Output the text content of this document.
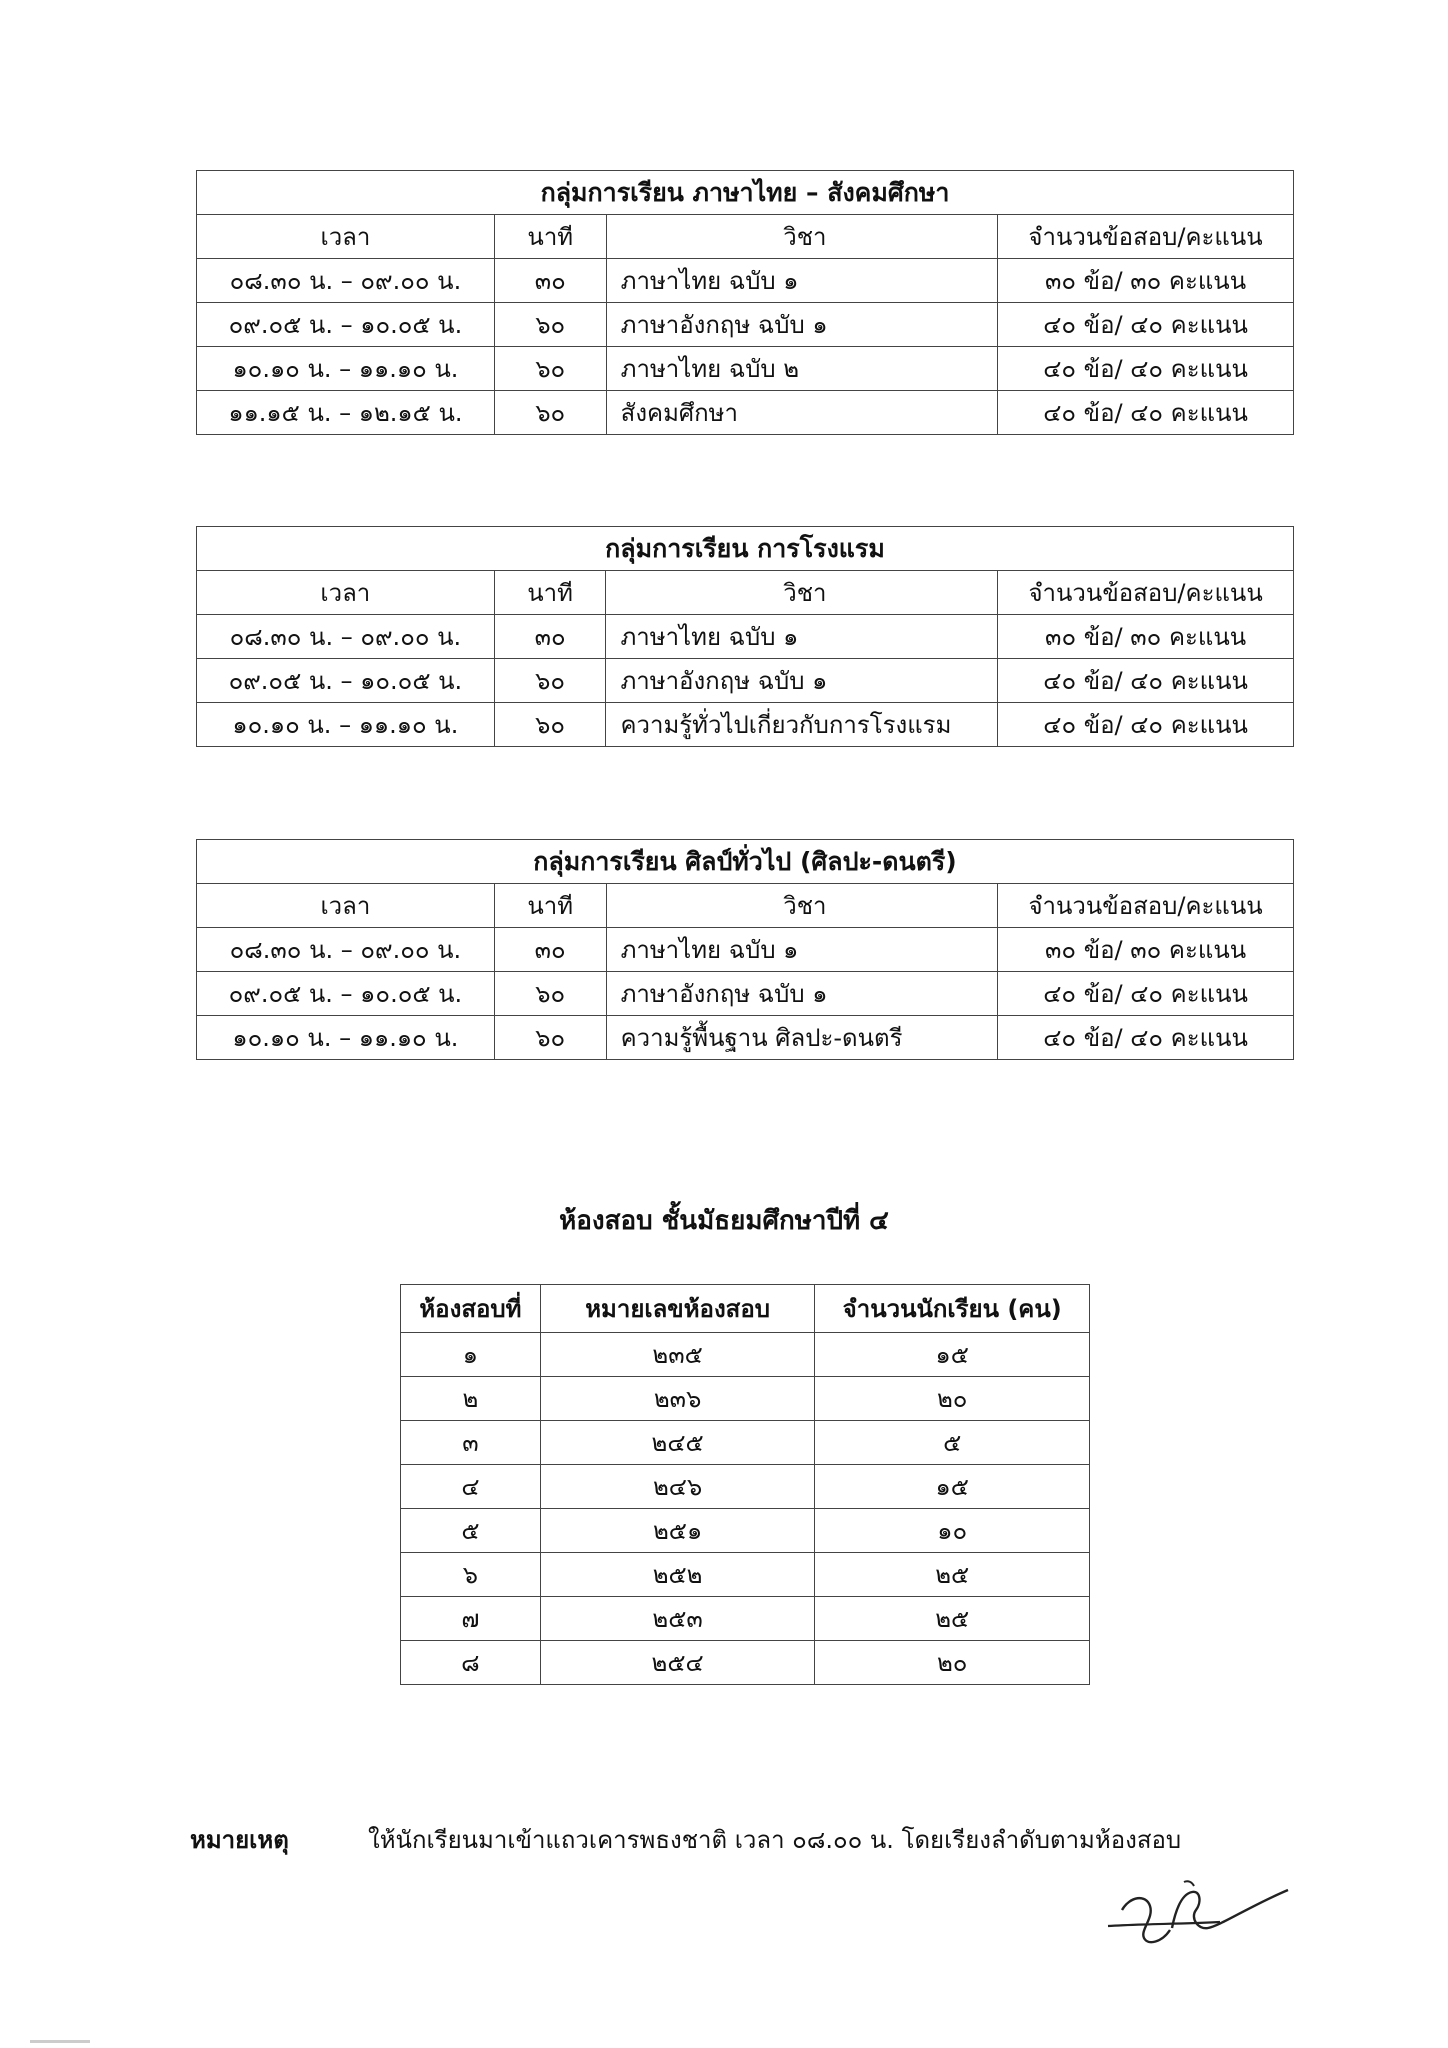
กลุ่มการเรียน ภาษาไทย – สังคมศึกษา			
เวลา	นาที	วิชา	จำนวนข้อสอบ/คะแนน
๐๘.๓๐ น. – ๐๙.๐๐ น.	๓๐	ภาษาไทย ฉบับ ๑	๓๐ ข้อ/ ๓๐ คะแนน
๐๙.๐๕ น. – ๑๐.๐๕ น.	๖๐	ภาษาอังกฤษ ฉบับ ๑	๔๐ ข้อ/ ๔๐ คะแนน
๑๐.๑๐ น. – ๑๑.๑๐ น.	๖๐	ภาษาไทย ฉบับ ๒	๔๐ ข้อ/ ๔๐ คะแนน
๑๑.๑๕ น. – ๑๒.๑๕ น.	๖๐	สังคมศึกษา	๔๐ ข้อ/ ๔๐ คะแนน
กลุ่มการเรียน การโรงแรม			
เวลา	นาที	วิชา	จำนวนข้อสอบ/คะแนน
๐๘.๓๐ น. – ๐๙.๐๐ น.	๓๐	ภาษาไทย ฉบับ ๑	๓๐ ข้อ/ ๓๐ คะแนน
๐๙.๐๕ น. – ๑๐.๐๕ น.	๖๐	ภาษาอังกฤษ ฉบับ ๑	๔๐ ข้อ/ ๔๐ คะแนน
๑๐.๑๐ น. – ๑๑.๑๐ น.	๖๐	ความรู้ทั่วไปเกี่ยวกับการโรงแรม	๔๐ ข้อ/ ๔๐ คะแนน
กลุ่มการเรียน ศิลป์ทั่วไป (ศิลปะ-ดนตรี)			
เวลา	นาที	วิชา	จำนวนข้อสอบ/คะแนน
๐๘.๓๐ น. – ๐๙.๐๐ น.	๓๐	ภาษาไทย ฉบับ ๑	๓๐ ข้อ/ ๓๐ คะแนน
๐๙.๐๕ น. – ๑๐.๐๕ น.	๖๐	ภาษาอังกฤษ ฉบับ ๑	๔๐ ข้อ/ ๔๐ คะแนน
๑๐.๑๐ น. – ๑๑.๑๐ น.	๖๐	ความรู้พื้นฐาน ศิลปะ-ดนตรี	๔๐ ข้อ/ ๔๐ คะแนน
ห้องสอบ ชั้นมัธยมศึกษาปีที่ ๔
ห้องสอบที่	หมายเลขห้องสอบ	จำนวนนักเรียน (คน)
๑	๒๓๕	๑๕
๒	๒๓๖	๒๐
๓	๒๔๕	๕
๔	๒๔๖	๑๕
๕	๒๕๑	๑๐
๖	๒๕๒	๒๕
๗	๒๕๓	๒๕
๘	๒๕๔	๒๐
หมายเหตุ	ให้นักเรียนมาเข้าแถวเคารพธงชาติ เวลา ๐๘.๐๐ น. โดยเรียงลำดับตามห้องสอบ
